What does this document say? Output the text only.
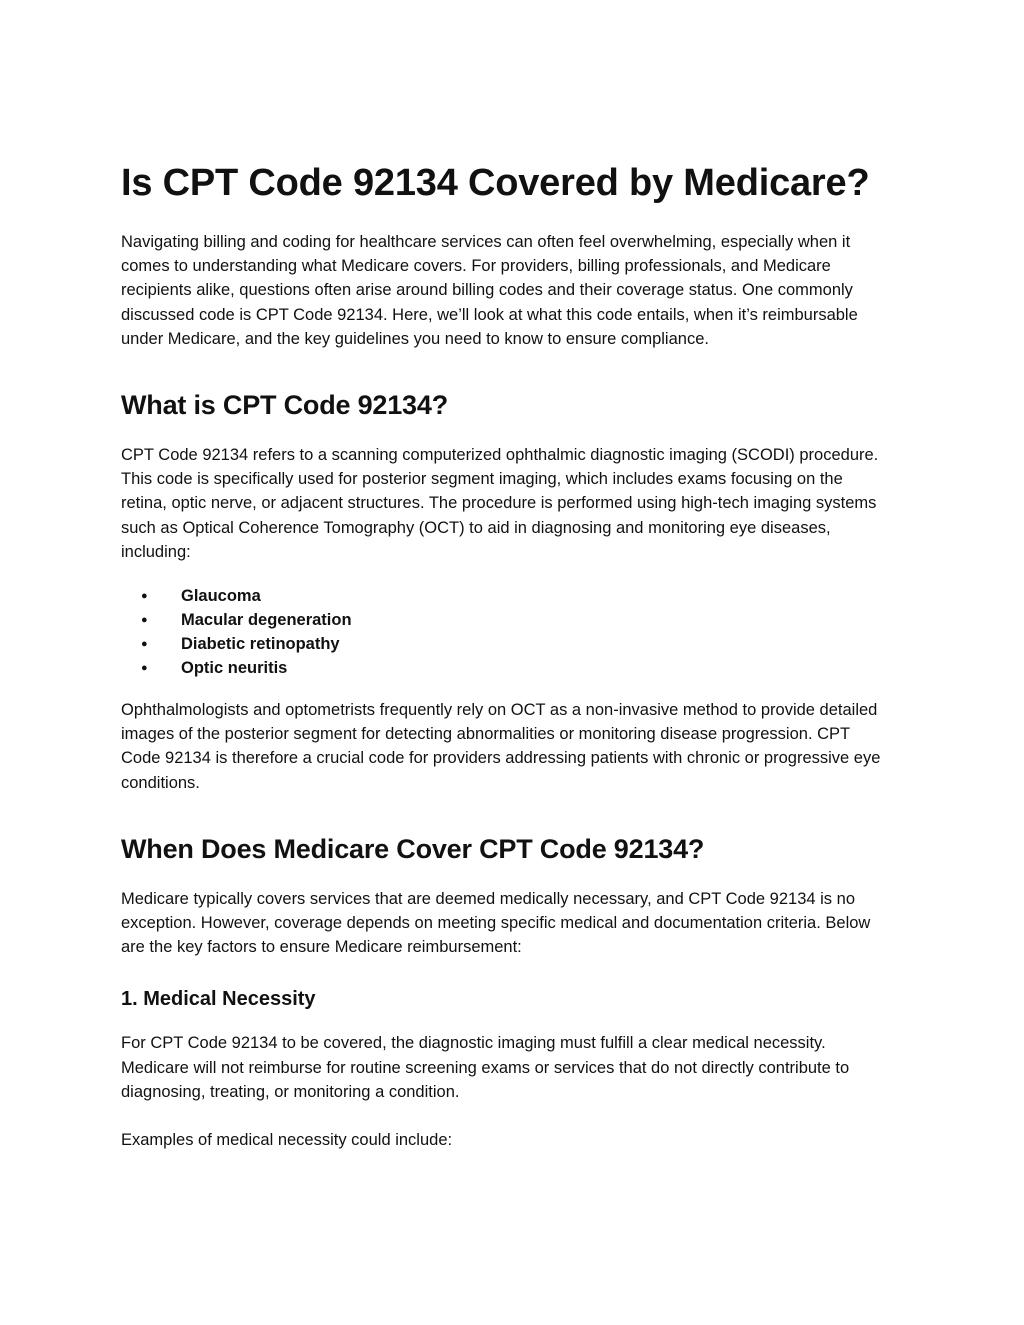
Is CPT Code 92134 Covered by Medicare?

Navigating billing and coding for healthcare services can often feel overwhelming, especially when it comes to understanding what Medicare covers. For providers, billing professionals, and Medicare recipients alike, questions often arise around billing codes and their coverage status. One commonly discussed code is CPT Code 92134. Here, we’ll look at what this code entails, when it’s reimbursable under Medicare, and the key guidelines you need to know to ensure compliance.

What is CPT Code 92134?

CPT Code 92134 refers to a scanning computerized ophthalmic diagnostic imaging (SCODI) procedure. This code is specifically used for posterior segment imaging, which includes exams focusing on the retina, optic nerve, or adjacent structures. The procedure is performed using high-tech imaging systems such as Optical Coherence Tomography (OCT) to aid in diagnosing and monitoring eye diseases, including:

● Glaucoma
● Macular degeneration
● Diabetic retinopathy
● Optic neuritis

Ophthalmologists and optometrists frequently rely on OCT as a non-invasive method to provide detailed images of the posterior segment for detecting abnormalities or monitoring disease progression. CPT Code 92134 is therefore a crucial code for providers addressing patients with chronic or progressive eye conditions.

When Does Medicare Cover CPT Code 92134?

Medicare typically covers services that are deemed medically necessary, and CPT Code 92134 is no exception. However, coverage depends on meeting specific medical and documentation criteria. Below are the key factors to ensure Medicare reimbursement:

1. Medical Necessity

For CPT Code 92134 to be covered, the diagnostic imaging must fulfill a clear medical necessity. Medicare will not reimburse for routine screening exams or services that do not directly contribute to diagnosing, treating, or monitoring a condition.

Examples of medical necessity could include:
